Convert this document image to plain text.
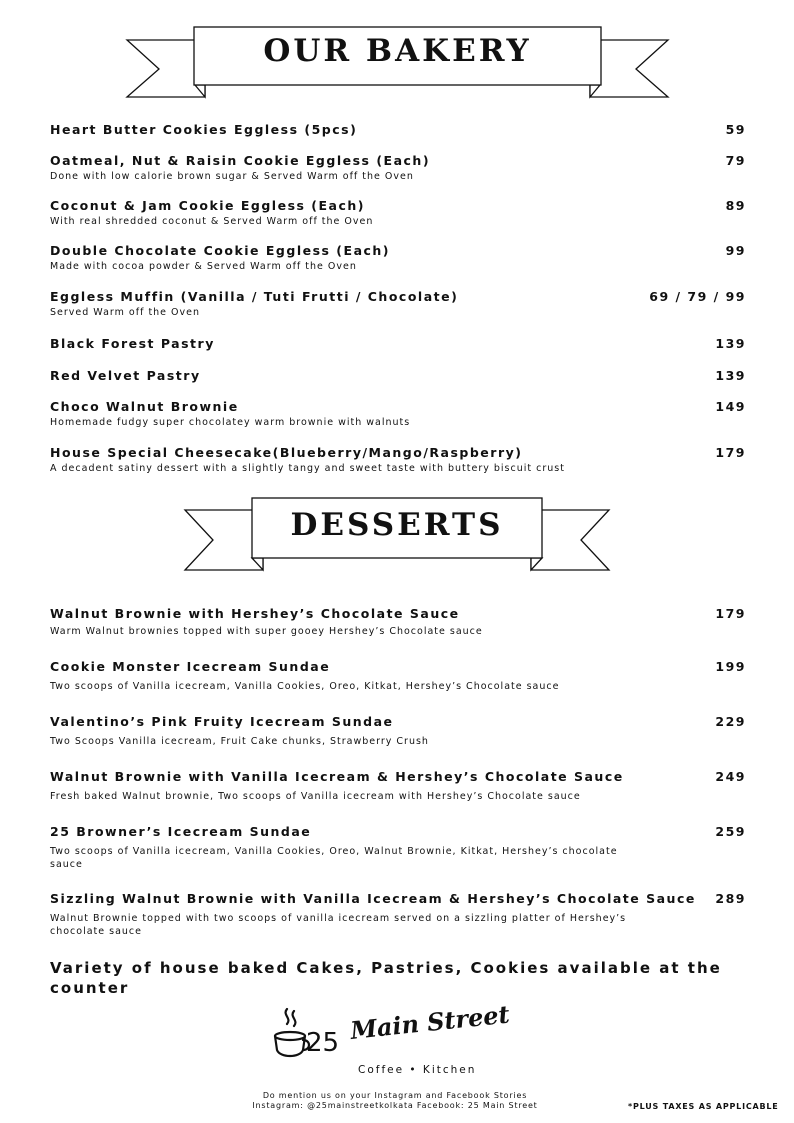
OUR BAKERY
Heart Butter Cookies Eggless (5pcs)	59
Oatmeal, Nut & Raisin Cookie Eggless (Each)	79
Done with low calorie brown sugar & Served Warm off the Oven
Coconut & Jam Cookie Eggless (Each)	89
With real shredded coconut & Served Warm off the Oven
Double Chocolate Cookie Eggless (Each)	99
Made with cocoa powder & Served Warm off the Oven
Eggless Muffin (Vanilla / Tuti Frutti / Chocolate)	69 / 79 / 99
Served Warm off the Oven
Black Forest Pastry	139
Red Velvet Pastry	139
Choco Walnut Brownie	149
Homemade fudgy super chocolatey warm brownie with walnuts
House Special Cheesecake(Blueberry/Mango/Raspberry)	179
A decadent satiny dessert with a slightly tangy and sweet taste with buttery biscuit crust
DESSERTS
Walnut Brownie with Hershey’s Chocolate Sauce	179
Warm Walnut brownies topped with super gooey Hershey’s Chocolate sauce
Cookie Monster Icecream Sundae	199
Two scoops of Vanilla icecream, Vanilla Cookies, Oreo, Kitkat, Hershey’s Chocolate sauce
Valentino’s Pink Fruity Icecream Sundae	229
Two Scoops Vanilla icecream, Fruit Cake chunks, Strawberry Crush
Walnut Brownie with Vanilla Icecream & Hershey’s Chocolate Sauce	249
Fresh baked Walnut brownie, Two scoops of Vanilla icecream with Hershey’s Chocolate sauce
25 Browner’s Icecream Sundae	259
Two scoops of Vanilla icecream, Vanilla Cookies, Oreo, Walnut Brownie, Kitkat, Hershey’s chocolate sauce
Sizzling Walnut Brownie with Vanilla Icecream & Hershey’s Chocolate Sauce 289
Walnut Brownie topped with two scoops of vanilla icecream served on a sizzling platter of Hershey’s chocolate sauce
Variety of house baked Cakes, Pastries, Cookies available at the counter
25 Main Street
Coffee • Kitchen
Do mention us on your Instagram and Facebook Stories
Instagram: @25mainstreetkolkata Facebook: 25 Main Street	*PLUS TAXES AS APPLICABLE
